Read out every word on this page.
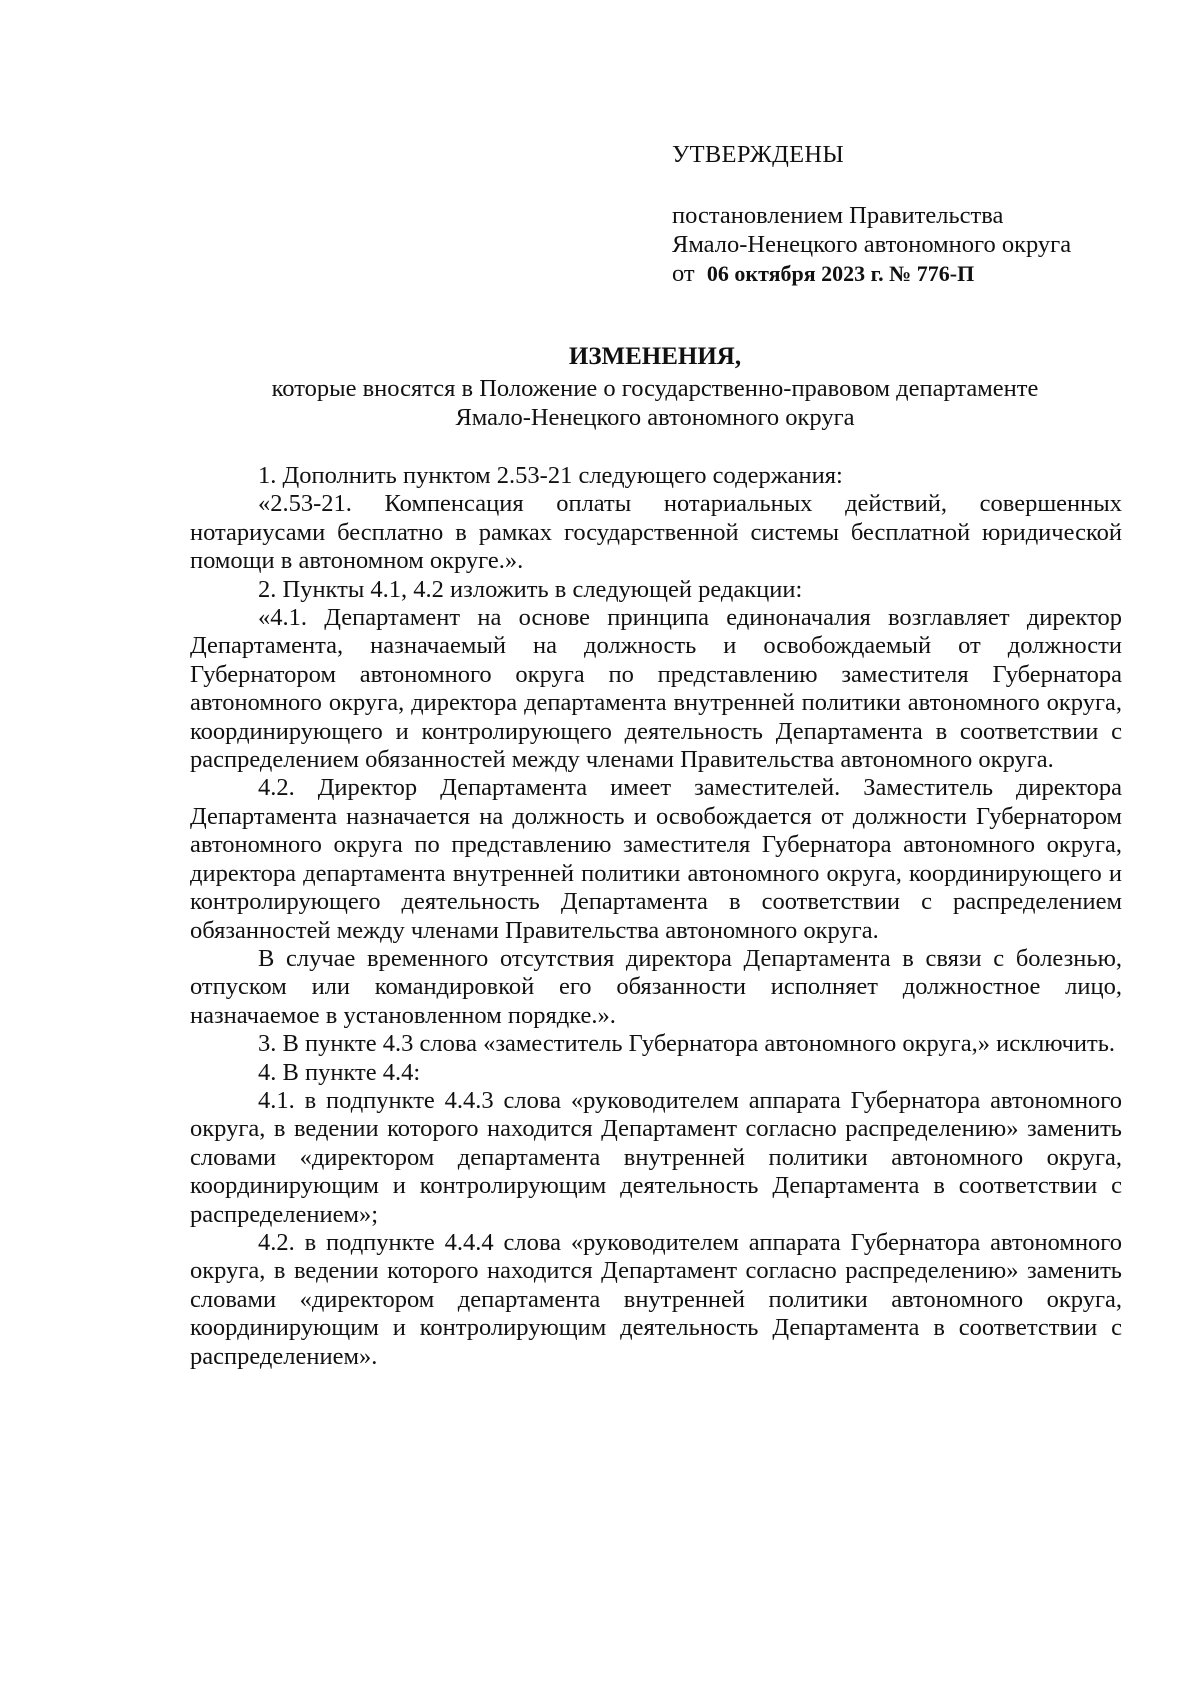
УТВЕРЖДЕНЫ
постановлением Правительства
Ямало-Ненецкого автономного округа
от 06 октября 2023 г. № 776-П
ИЗМЕНЕНИЯ,
которые вносятся в Положение о государственно-правовом департаменте
Ямало-Ненецкого автономного округа

1. Дополнить пунктом 2.53-21 следующего содержания:

«2.53-21. Компенсация оплаты нотариальных действий, совершенных нотариусами бесплатно в рамках государственной системы бесплатной юридической помощи в автономном округе.».

2. Пункты 4.1, 4.2 изложить в следующей редакции:

«4.1. Департамент на основе принципа единоначалия возглавляет директор Департамента, назначаемый на должность и освобождаемый от должности Губернатором автономного округа по представлению заместителя Губернатора автономного округа, директора департамента внутренней политики автономного округа, координирующего и контролирующего деятельность Департамента в соответствии с распределением обязанностей между членами Правительства автономного округа.

4.2. Директор Департамента имеет заместителей. Заместитель директора Департамента назначается на должность и освобождается от должности Губернатором автономного округа по представлению заместителя Губернатора автономного округа, директора департамента внутренней политики автономного округа, координирующего и контролирующего деятельность Департамента в соответствии с распределением обязанностей между членами Правительства автономного округа.

В случае временного отсутствия директора Департамента в связи с болезнью, отпуском или командировкой его обязанности исполняет должностное лицо, назначаемое в установленном порядке.».

3. В пункте 4.3 слова «заместитель Губернатора автономного округа,» исключить.

4. В пункте 4.4:

4.1. в подпункте 4.4.3 слова «руководителем аппарата Губернатора автономного округа, в ведении которого находится Департамент согласно распределению» заменить словами «директором департамента внутренней политики автономного округа, координирующим и контролирующим деятельность Департамента в соответствии с распределением»;

4.2. в подпункте 4.4.4 слова «руководителем аппарата Губернатора автономного округа, в ведении которого находится Департамент согласно распределению» заменить словами «директором департамента внутренней политики автономного округа, координирующим и контролирующим деятельность Департамента в соответствии с распределением».
